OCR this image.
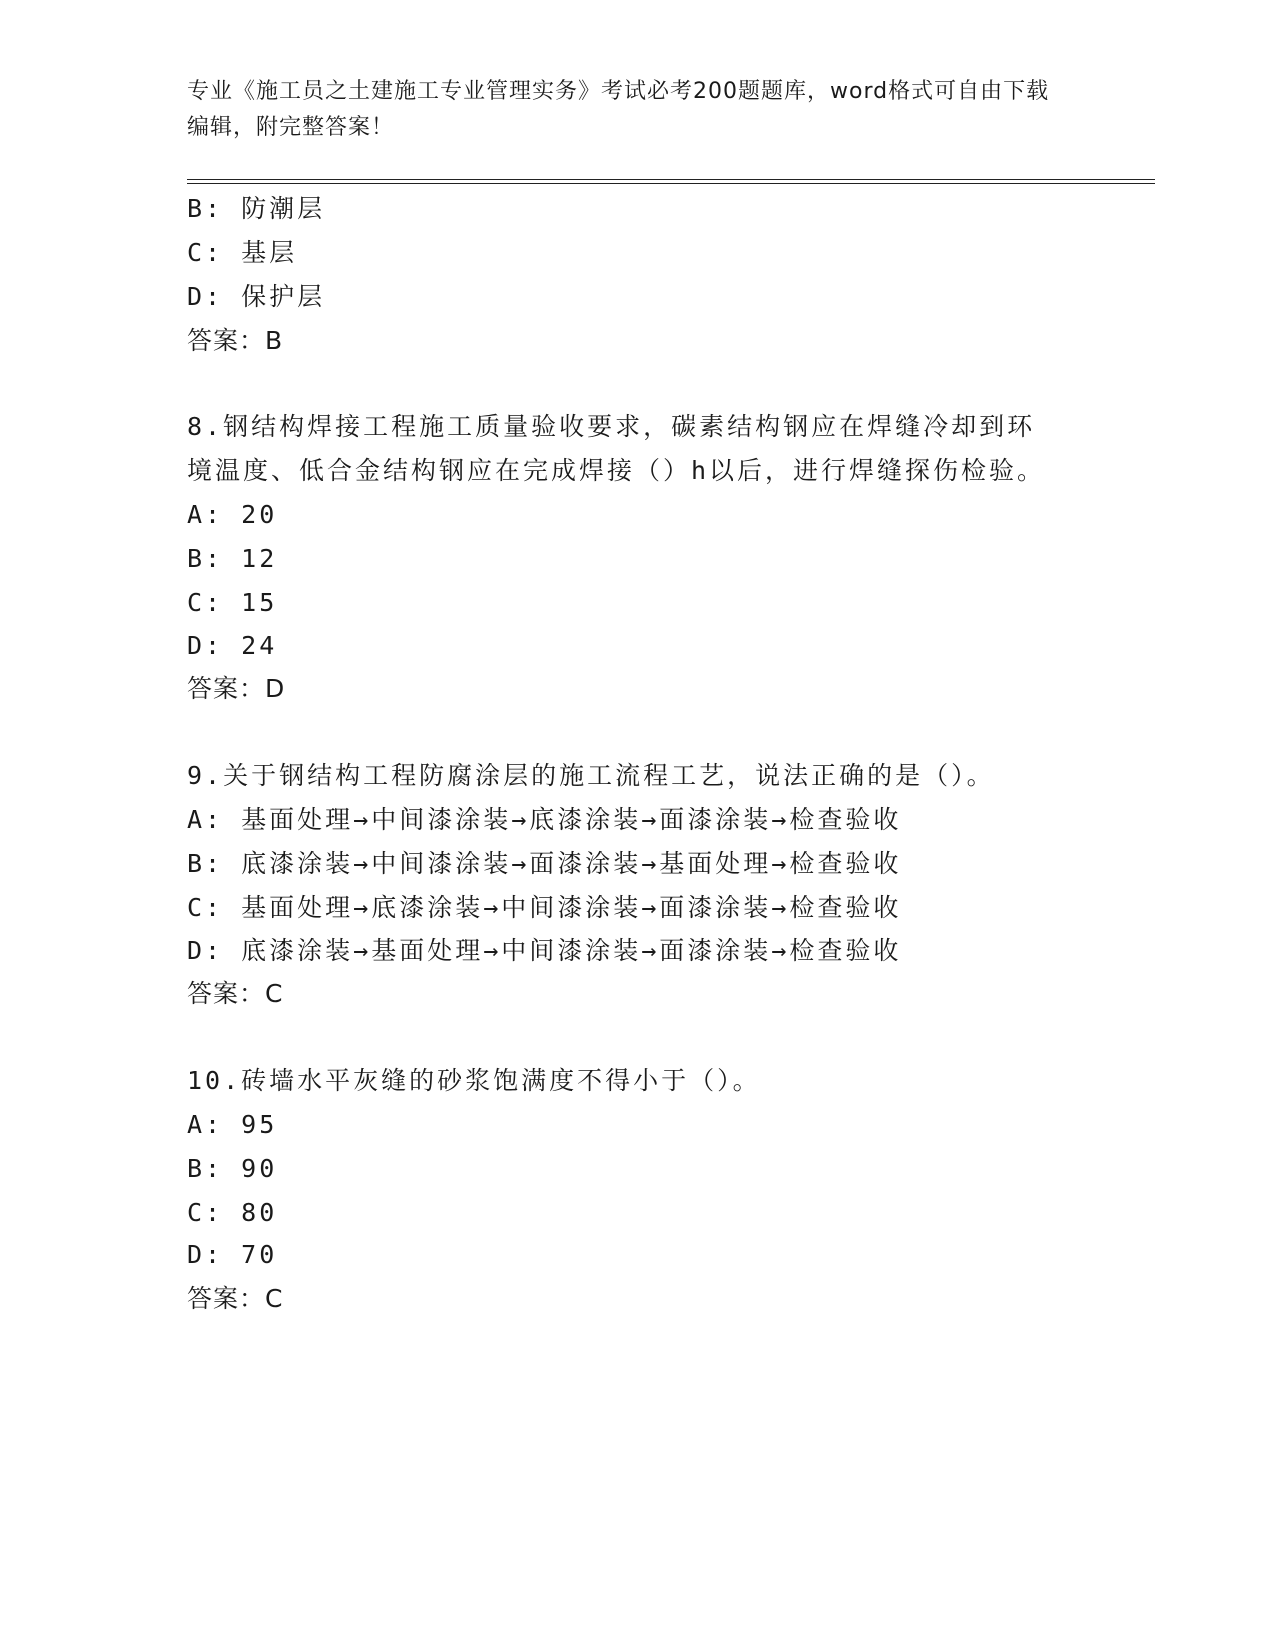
专业《施工员之土建施工专业管理实务》考试必考200题题库，word格式可自由下载编辑，附完整答案！
B: 防潮层
C: 基层
D: 保护层
答案：B
8.钢结构焊接工程施工质量验收要求，碳素结构钢应在焊缝冷却到环
境温度、低合金结构钢应在完成焊接（）h以后，进行焊缝探伤检验。
A: 20
B: 12
C: 15
D: 24
答案：D
9.关于钢结构工程防腐涂层的施工流程工艺，说法正确的是（）。
A: 基面处理→中间漆涂装→底漆涂装→面漆涂装→检查验收
B: 底漆涂装→中间漆涂装→面漆涂装→基面处理→检查验收
C: 基面处理→底漆涂装→中间漆涂装→面漆涂装→检查验收
D: 底漆涂装→基面处理→中间漆涂装→面漆涂装→检查验收
答案：C
10.砖墙水平灰缝的砂浆饱满度不得小于（）。
A: 95
B: 90
C: 80
D: 70
答案：C
